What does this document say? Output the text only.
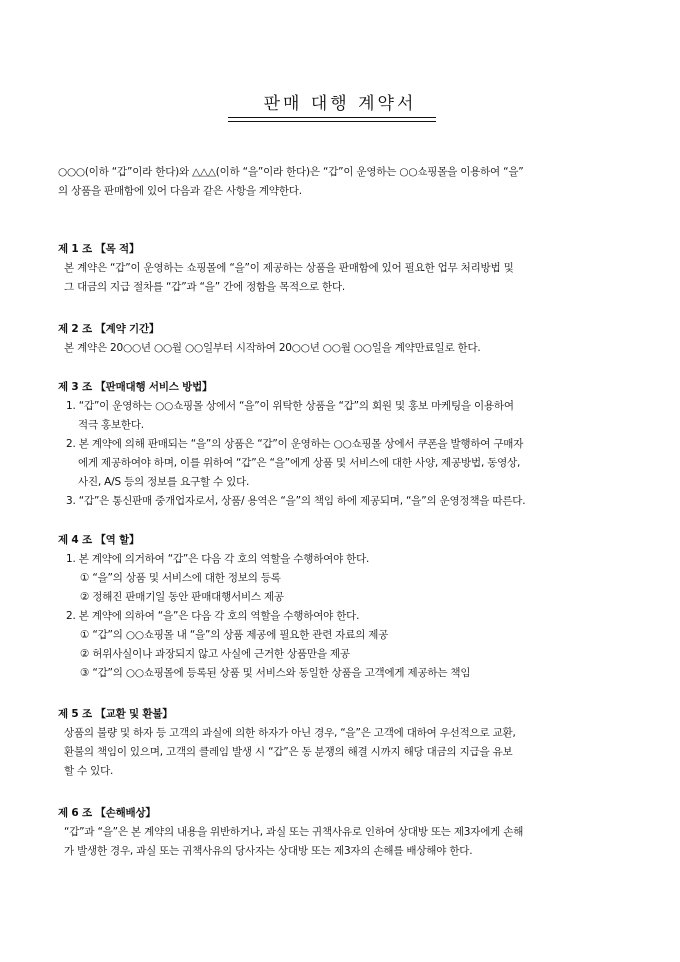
판매 대행 계약서
○○○(이하 “갑”이라 한다)와 △△△(이하 “을”이라 한다)은 “갑”이 운영하는 ○○쇼핑몰을 이용하여 “을”
의 상품을 판매함에 있어 다음과 같은 사항을 계약한다.
제 1 조 【목 적】
본 계약은 “갑”이 운영하는 쇼핑몰에 “을”이 제공하는 상품을 판매함에 있어 필요한 업무 처리방법 및
그 대금의 지급 절차를 “갑”과 “을” 간에 정함을 목적으로 한다.
제 2 조 【계약 기간】
본 계약은 20○○년 ○○월 ○○일부터 시작하여 20○○년 ○○월 ○○일을 계약만료일로 한다.
제 3 조 【판매대행 서비스 방법】
1. “갑”이 운영하는 ○○쇼핑몰 상에서 “을”이 위탁한 상품을 “갑”의 회원 및 홍보 마케팅을 이용하여
적극 홍보한다.
2. 본 계약에 의해 판매되는 “을”의 상품은 “갑”이 운영하는 ○○쇼핑몰 상에서 쿠폰을 발행하여 구매자
에게 제공하여야 하며, 이를 위하여 “갑”은 “을”에게 상품 및 서비스에 대한 사양, 제공방법, 동영상,
사진, A/S 등의 정보를 요구할 수 있다.
3. “갑”은 통신판매 중개업자로서, 상품/ 용역은 “을”의 책임 하에 제공되며, “을”의 운영정책을 따른다.
제 4 조 【역 할】
1. 본 계약에 의거하여 “갑”은 다음 각 호의 역할을 수행하여야 한다.
① “을”의 상품 및 서비스에 대한 정보의 등록
② 정해진 판매기일 동안 판매대행서비스 제공
2. 본 계약에 의하여 “을”은 다음 각 호의 역할을 수행하여야 한다.
① “갑”의 ○○쇼핑몰 내 “을”의 상품 제공에 필요한 관련 자료의 제공
② 허위사실이나 과장되지 않고 사실에 근거한 상품만을 제공
③ “갑”의 ○○쇼핑몰에 등록된 상품 및 서비스와 동일한 상품을 고객에게 제공하는 책임
제 5 조 【교환 및 환불】
상품의 불량 및 하자 등 고객의 과실에 의한 하자가 아닌 경우, “을”은 고객에 대하여 우선적으로 교환,
환불의 책임이 있으며, 고객의 클레임 발생 시 “갑”은 동 분쟁의 해결 시까지 해당 대금의 지급을 유보
할 수 있다.
제 6 조 【손해배상】
“갑”과 “을”은 본 계약의 내용을 위반하거나, 과실 또는 귀책사유로 인하여 상대방 또는 제3자에게 손해
가 발생한 경우, 과실 또는 귀책사유의 당사자는 상대방 또는 제3자의 손해를 배상해야 한다.
